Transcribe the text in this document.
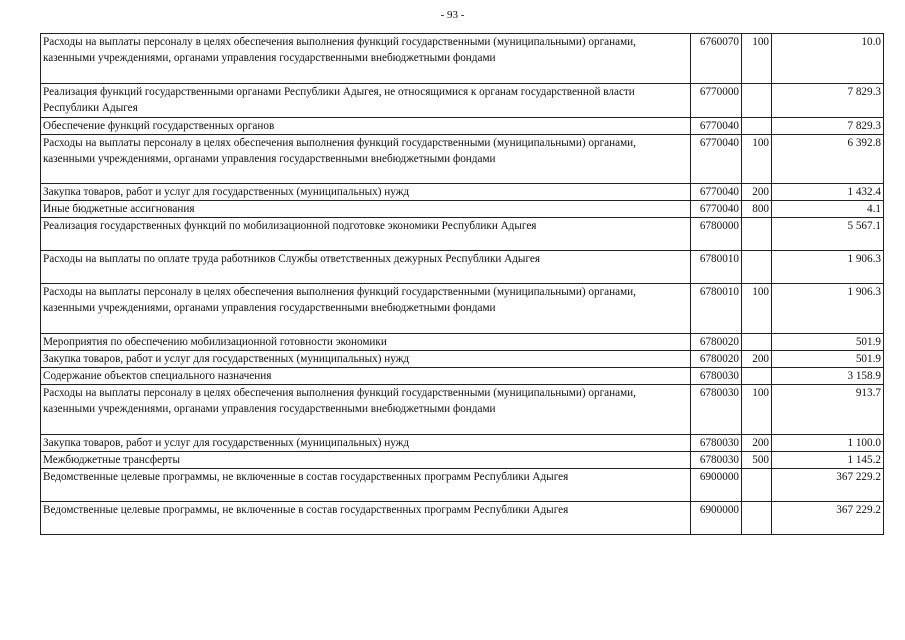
- 93 -
Расходы на выплаты персоналу в целях обеспечения выполнения функций государственными (муниципальными) органами, казенными учреждениями, органами управления государственными внебюджетными фондами	6760070	100	10.0
Реализация функций государственными органами Республики Адыгея, не относящимися к органам государственной власти Республики Адыгея	6770000		7 829.3
Обеспечение функций государственных органов	6770040		7 829.3
Расходы на выплаты персоналу в целях обеспечения выполнения функций государственными (муниципальными) органами, казенными учреждениями, органами управления государственными внебюджетными фондами	6770040	100	6 392.8
Закупка товаров, работ и услуг для государственных (муниципальных) нужд	6770040	200	1 432.4
Иные бюджетные ассигнования	6770040	800	4.1
Реализация государственных функций по мобилизационной подготовке экономики Республики Адыгея	6780000		5 567.1
Расходы на выплаты по оплате труда работников Службы ответственных дежурных Республики Адыгея	6780010		1 906.3
Расходы на выплаты персоналу в целях обеспечения выполнения функций государственными (муниципальными) органами, казенными учреждениями, органами управления государственными внебюджетными фондами	6780010	100	1 906.3
Мероприятия по обеспечению мобилизационной готовности экономики	6780020		501.9
Закупка товаров, работ и услуг для государственных (муниципальных) нужд	6780020	200	501.9
Содержание объектов специального назначения	6780030		3 158.9
Расходы на выплаты персоналу в целях обеспечения выполнения функций государственными (муниципальными) органами, казенными учреждениями, органами управления государственными внебюджетными фондами	6780030	100	913.7
Закупка товаров, работ и услуг для государственных (муниципальных) нужд	6780030	200	1 100.0
Межбюджетные трансферты	6780030	500	1 145.2
Ведомственные целевые программы, не включенные в состав государственных программ Республики Адыгея	6900000		367 229.2
Ведомственные целевые программы, не включенные в состав государственных программ Республики Адыгея	6900000		367 229.2
